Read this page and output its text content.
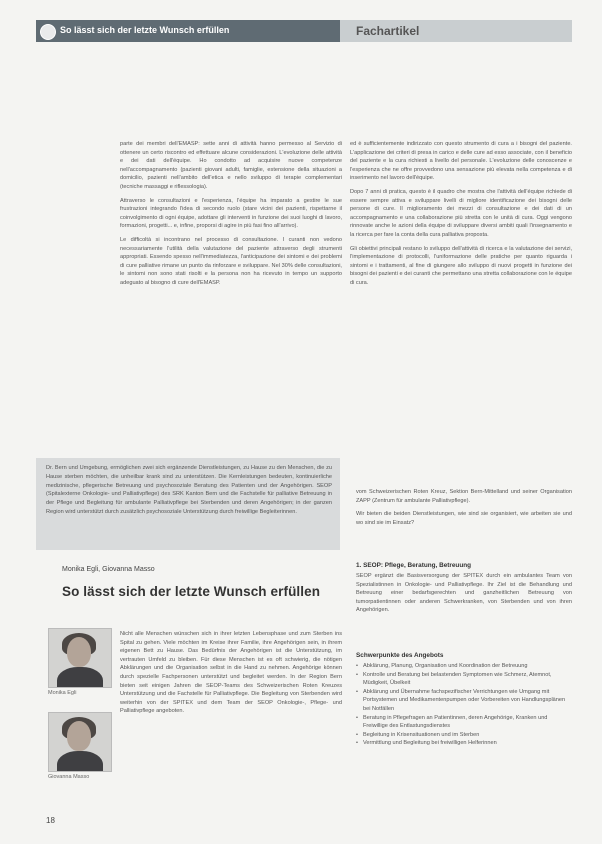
So lässt sich der letzte Wunsch erfüllen	Fachartikel

parte dei membri dell'EMASP: sette anni di attività hanno permesso al Servizio di ottenere un certo riscontro ed effettuare alcune considerazioni. L'evoluzione delle attività e dei dati dell'équipe. Ho condotto ad acquisire nuove competenze nell'accompagnamento (pazienti giovani adulti, famiglie, estensione della situazioni a domicilio, pazienti nell'ambito dell'etica e nello sviluppo di terapie complementari (tecniche massaggi e riflessologia).

Attraverso le consultazioni e l'esperienza, l'équipe ha imparato a gestire le sue frustrazioni integrando l'idea di secondo ruolo (stare vicini dei pazienti, rispettarne il coinvolgimento di ogni équipe, adottare gli interventi in funzione dei suoi luoghi di lavoro, formazioni, progetti... e, infine, proporsi di agire in più fasi fino all'arrivo).

Le difficoltà si incontrano nel processo di consultazione. I curanti non vedono necessariamente l'utilità della valutazione del paziente attraverso degli strumenti appropriati. Essendo spesso nell'immediatezza, l'anticipazione dei sintomi e dei problemi di cure palliative rimane un punto da rinforzare e sviluppare. Nel 30% delle consultazioni, le sintomi non sono stati risolti e la persona non ha ricevuto in tempo un supporto adeguato al bisogno di cure dell'EMASP.

ed è sufficientemente indirizzato con questo strumento di cura a i bisogni del paziente. L'applicazione dei criteri di presa in carico e delle cure ad esso associate, con il beneficio del paziente e la cura richiesti a livello del personale. L'evoluzione delle conoscenze e l'esperienza che ne offre provvedono una sensazione più elevata nella competenza e di inserimento nel lavoro dell'équipe.

Dopo 7 anni di pratica, questo è il quadro che mostra che l'attività dell'équipe richiede di essere sempre attiva e sviluppare livelli di migliore identificazione dei bisogni delle persone di cure. Il miglioramento dei mezzi di consultazione e dei dati di un accompagnamento e una collaborazione più stretta con le unità di cura. Oggi vengono rinnovate anche le azioni della équipe di sviluppare diversi ambiti quali l'insegnamento e la ricerca per fare la conta della cura palliativa proposta.

Gli obiettivi principali restano lo sviluppo dell'attività di ricerca e la valutazione dei servizi, l'implementazione di protocolli, l'uniformazione delle pratiche per quanto riguarda i sintomi e i trattamenti, al fine di giungere allo sviluppo di nuovi progetti in funzione dei bisogni dei pazienti e dei curanti che permettano una stretta collaborazione con le équipe di cura.

Dr. Bern und Umgebung, ermöglichen zwei sich ergänzende Dienstleistungen, zu Hause zu den Menschen, die zu Hause sterben möchten, die unheilbar krank sind zu unterstützen. Die Kernleistungen bedeuten, kontinuierliche medizinische, pflegerische Betreuung und psychosoziale Beratung des Patienten und der Angehörigen. SEOP (Spitalexterne Onkologie- und Palliativpflege) des SRK Kanton Bern und die Fachstelle für palliative Betreuung in der Pflege und Begleitung für ambulante Palliativpflege bei Sterbenden und deren Angehörigen; in der ganzen Region wird unterstützt durch zusätzlich psychosoziale Unterstützung durch freiwillige Begleiterinnen.

vom Schweizerischen Roten Kreuz, Sektion Bern-Mittelland und seiner Organisation ZAPP (Zentrum für ambulante Palliativpflege).

Wir bieten die beiden Dienstleistungen, wie sind sie organisiert, wie arbeiten sie und wo sind sie im Einsatz?

1. SEOP: Pflege, Beratung, Betreuung

SEOP ergänzt die Basisversorgung der SPITEX durch ein ambulantes Team von Spezialistinnen in Onkologie- und Palliativpflege. Ihr Ziel ist die Behandlung und Betreuung einer bedarfsgerechten und ganzheitlichen Betreuung von tumorpatientinnen oder anderen Schwerkranken, von Sterbenden und von ihren Angehörigen.

Schwerpunkte des Angebots
• Abklärung, Planung, Organisation und Koordination der Betreuung
• Kontrolle und Beratung bei belastenden Symptomen wie Schmerz, Atemnot, Müdigkeit, Übelkeit
• Abklärung und Übernahme fachspezifischer Verrichtungen wie Umgang mit Portsystemen und Medikamentenpumpen oder Vorbereiten von Handlungsplänen bei Notfällen
• Beratung in Pflegefragen an Patientinnen, deren Angehörige, Kranken und Freiwillige des Entlastungsdienstes
• Begleitung in Krisensituationen und im Sterben
• Vermittlung und Begleitung bei freiwilligen Helferinnen
Monika Egli, Giovanna Masso
So lässt sich der letzte Wunsch erfüllen
Monika Egli
Giovanna Masso

Nicht alle Menschen wünschen sich in ihrer letzten Lebensphase und zum Sterben ins Spital zu gehen. Viele möchten im Kreise ihrer Familie, ihre Angehörigen sein, in ihrem eigenen Bett zu Hause. Das Bedürfnis der Angehörigen ist die Unterstützung, im vertrauten Umfeld zu bleiben. Für diese Menschen ist es oft schwierig, die nötigen Abklärungen und die Organisation selbst in die Hand zu nehmen. Angehörige können durch spezielle Fachpersonen unterstützt und begleitet werden. In der Region Bern bieten seit einigen Jahren die SEOP-Teams des Schweizerischen Roten Kreuzes Unterstützung und die Fachstelle für Palliativpflege. Die Begleitung von Sterbenden wird weiterhin von der SPITEX und dem Team der SEOP Onkologie-, Pflege- und Palliativpflege angeboten.

18
